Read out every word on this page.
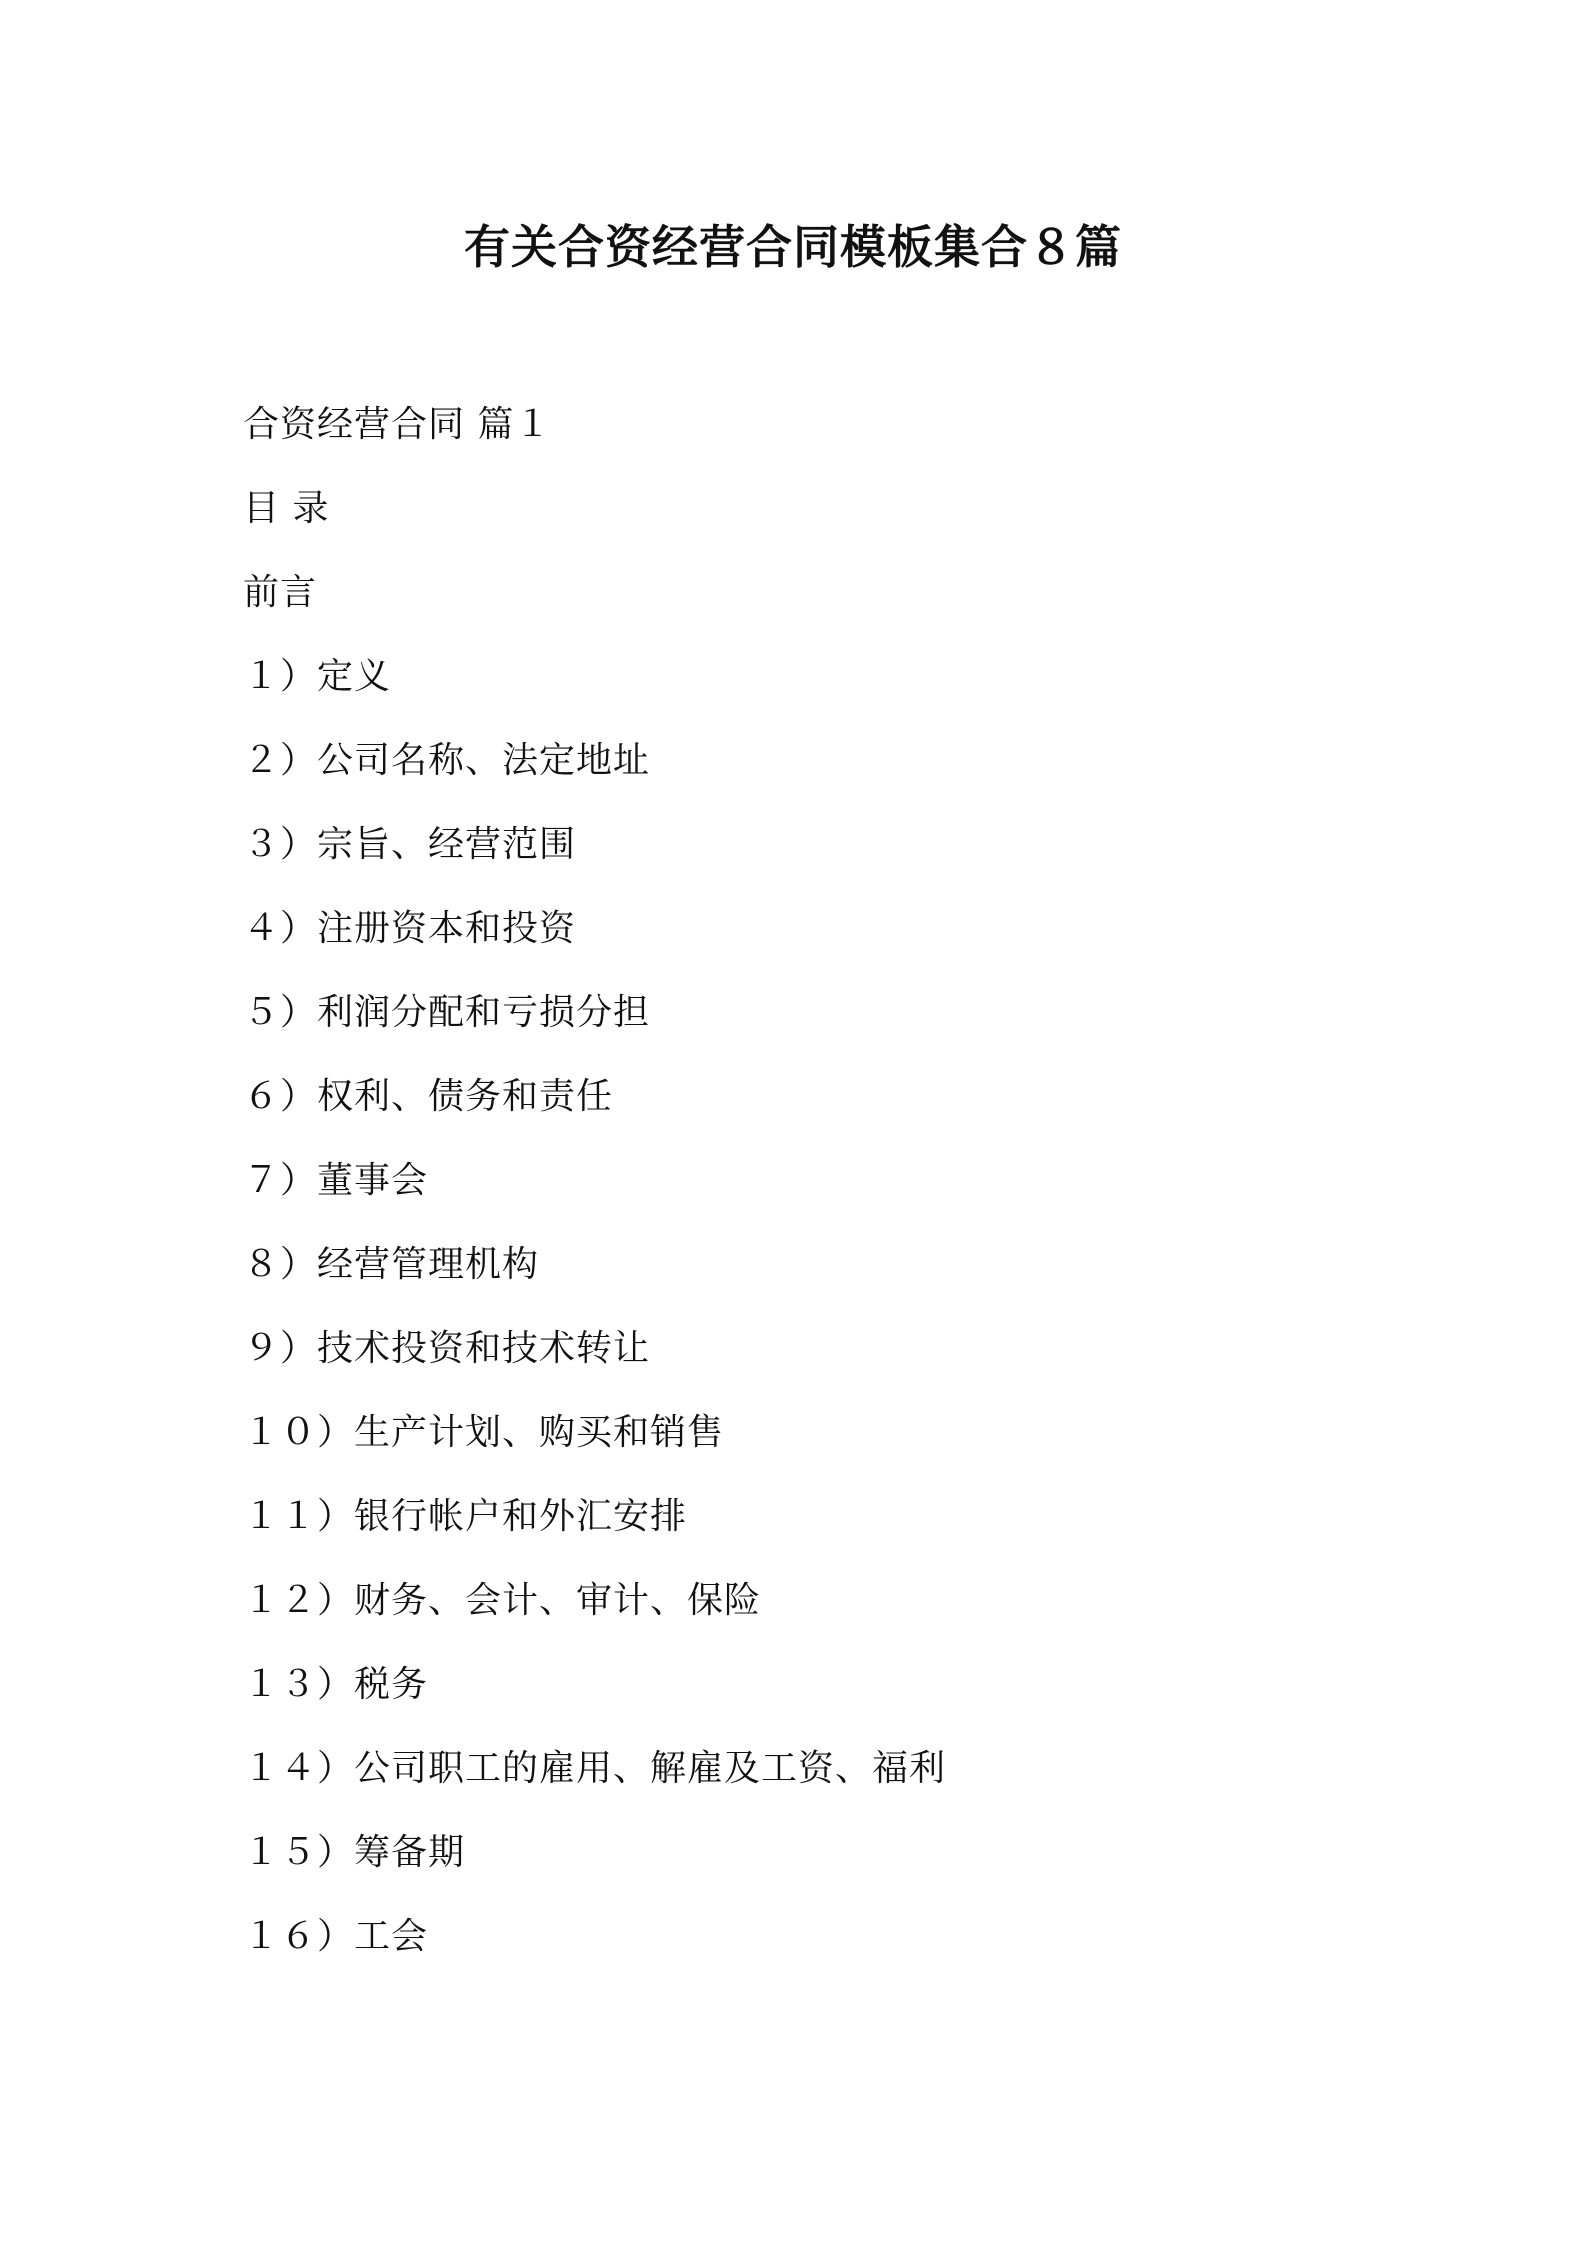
有关合资经营合同模板集合８篇
合资经营合同 篇１
目 录
前言
１）定义
２）公司名称、法定地址
３）宗旨、经营范围
４）注册资本和投资
５）利润分配和亏损分担
６）权利、债务和责任
７）董事会
８）经营管理机构
９）技术投资和技术转让
１０）生产计划、购买和销售
１１）银行帐户和外汇安排
１２）财务、会计、审计、保险
１３）税务
１４）公司职工的雇用、解雇及工资、福利
１５）筹备期
１６）工会
